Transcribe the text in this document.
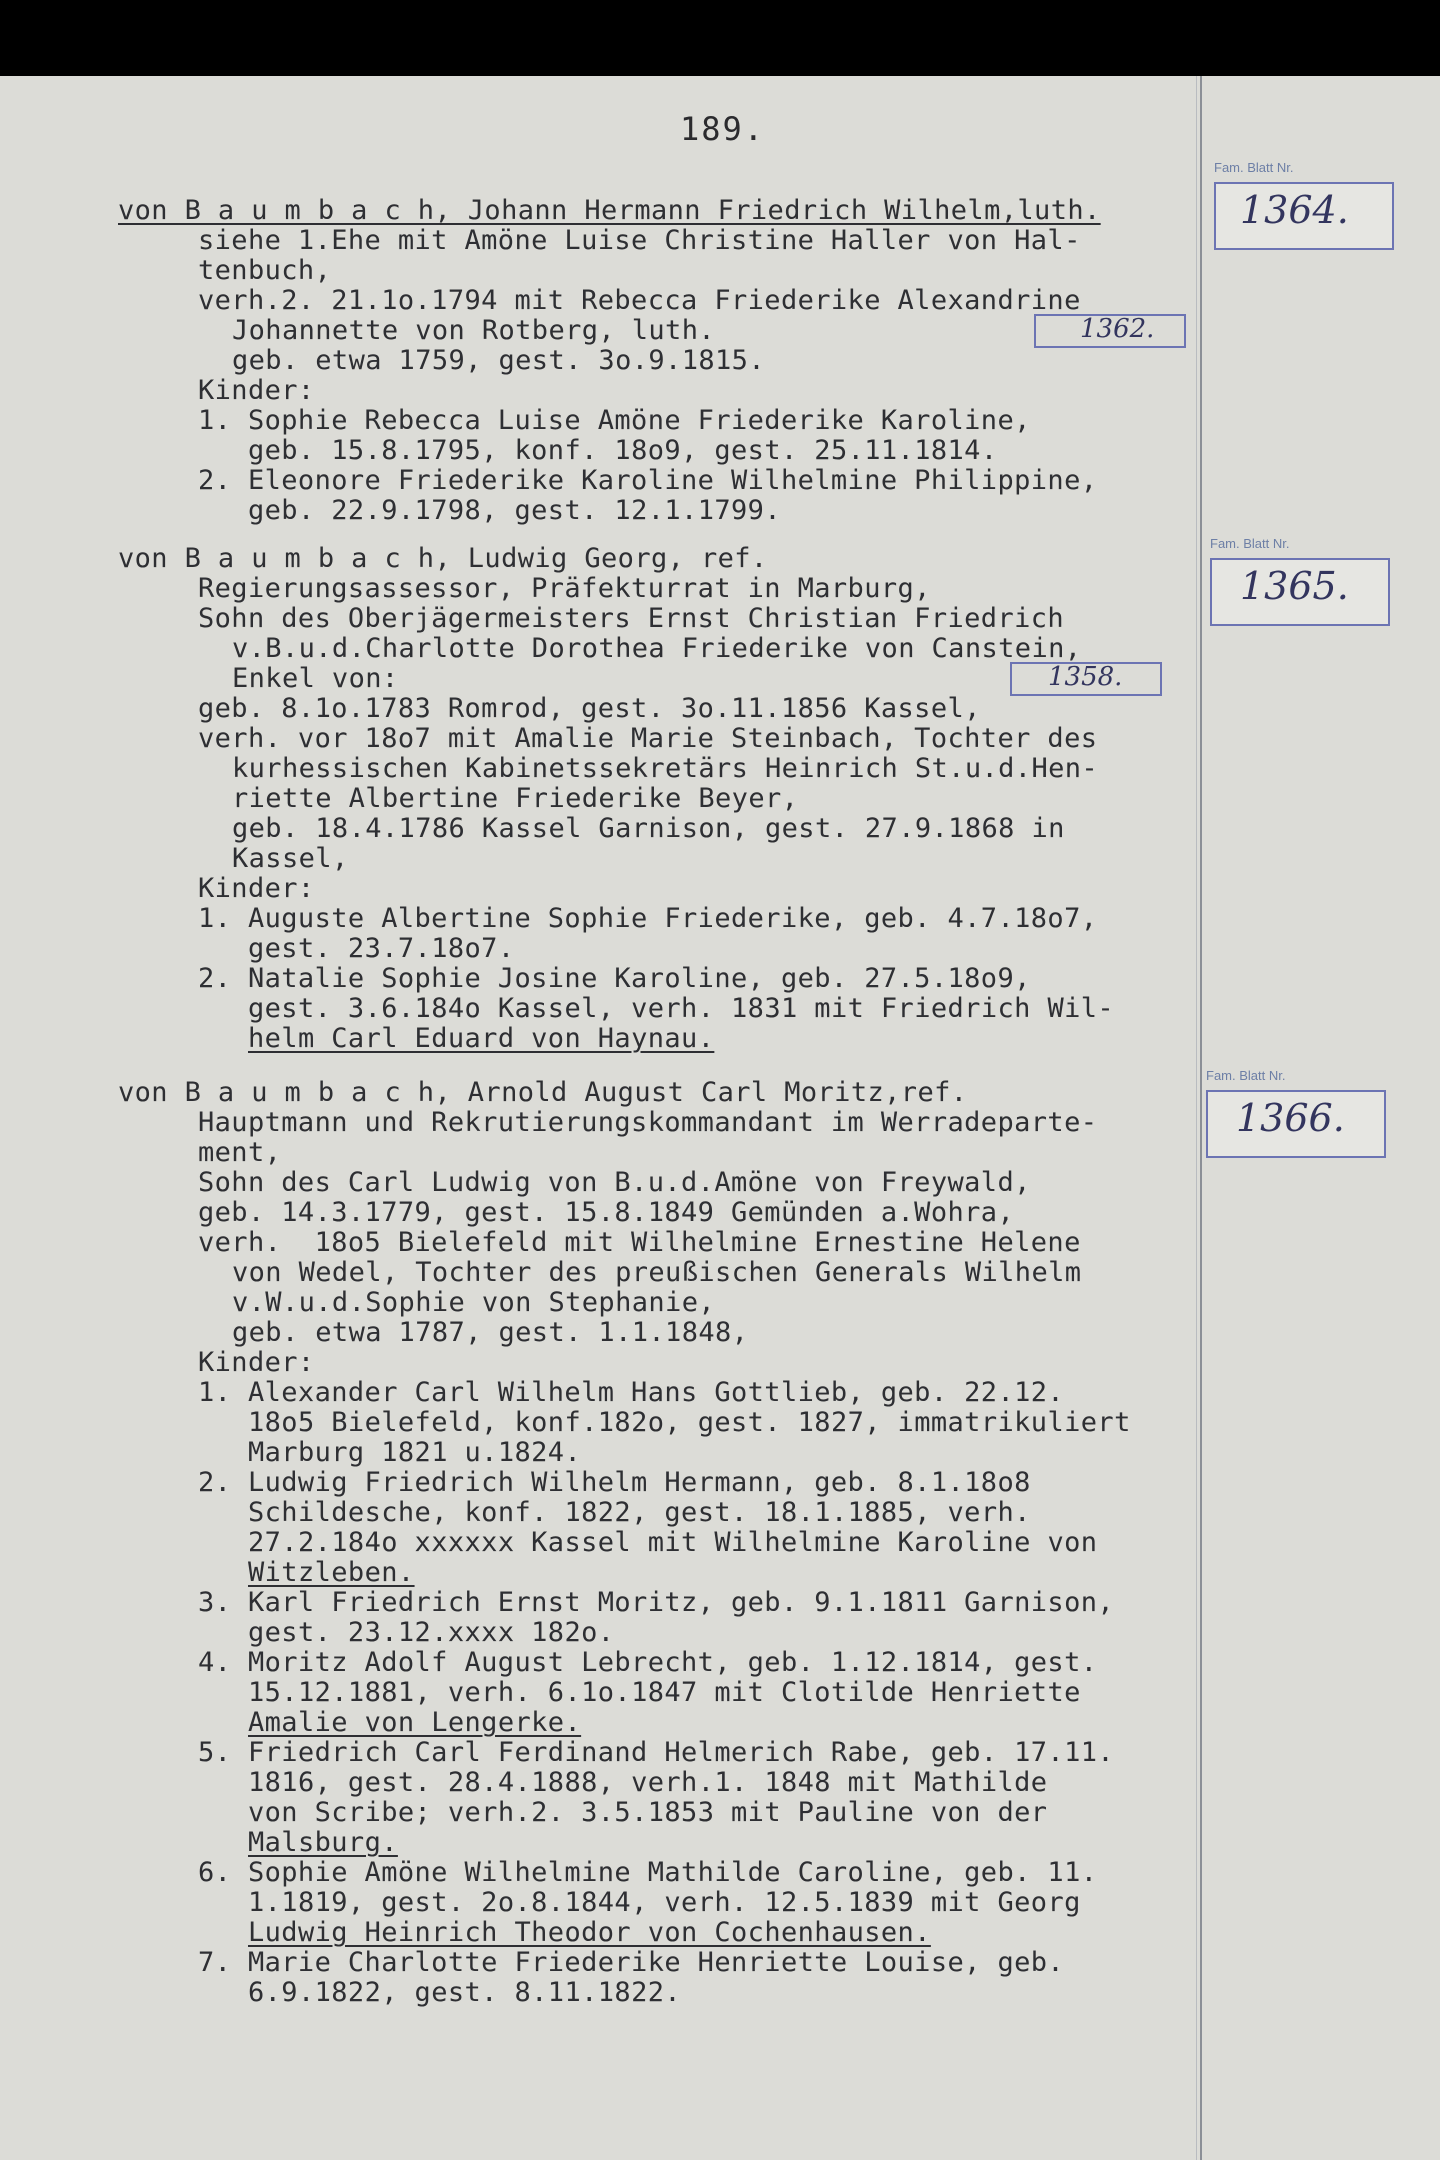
189.
von B a u m b a c h, Johann Hermann Friedrich Wilhelm,luth.
siehe 1.Ehe mit Amöne Luise Christine Haller von Hal-
tenbuch,
verh.2. 21.1o.1794 mit Rebecca Friederike Alexandrine
Johannette von Rotberg, luth.
geb. etwa 1759, gest. 3o.9.1815.
Kinder:
1. Sophie Rebecca Luise Amöne Friederike Karoline,
geb. 15.8.1795, konf. 18o9, gest. 25.11.1814.
2. Eleonore Friederike Karoline Wilhelmine Philippine,
geb. 22.9.1798, gest. 12.1.1799.
von B a u m b a c h, Ludwig Georg, ref.
Regierungsassessor, Präfekturrat in Marburg,
Sohn des Oberjägermeisters Ernst Christian Friedrich
v.B.u.d.Charlotte Dorothea Friederike von Canstein,
Enkel von:
geb. 8.1o.1783 Romrod, gest. 3o.11.1856 Kassel,
verh. vor 18o7 mit Amalie Marie Steinbach, Tochter des
kurhessischen Kabinetssekretärs Heinrich St.u.d.Hen-
riette Albertine Friederike Beyer,
geb. 18.4.1786 Kassel Garnison, gest. 27.9.1868 in
Kassel,
Kinder:
1. Auguste Albertine Sophie Friederike, geb. 4.7.18o7,
gest. 23.7.18o7.
2. Natalie Sophie Josine Karoline, geb. 27.5.18o9,
gest. 3.6.184o Kassel, verh. 1831 mit Friedrich Wil-
helm Carl Eduard von Haynau.
von B a u m b a c h, Arnold August Carl Moritz,ref.
Hauptmann und Rekrutierungskommandant im Werradeparte-
ment,
Sohn des Carl Ludwig von B.u.d.Amöne von Freywald,
geb. 14.3.1779, gest. 15.8.1849 Gemünden a.Wohra,
verh.  18o5 Bielefeld mit Wilhelmine Ernestine Helene
von Wedel, Tochter des preußischen Generals Wilhelm
v.W.u.d.Sophie von Stephanie,
geb. etwa 1787, gest. 1.1.1848,
Kinder:
1. Alexander Carl Wilhelm Hans Gottlieb, geb. 22.12.
18o5 Bielefeld, konf.182o, gest. 1827, immatrikuliert
Marburg 1821 u.1824.
2. Ludwig Friedrich Wilhelm Hermann, geb. 8.1.18o8
Schildesche, konf. 1822, gest. 18.1.1885, verh.
27.2.184o xxxxxx Kassel mit Wilhelmine Karoline von
Witzleben.
3. Karl Friedrich Ernst Moritz, geb. 9.1.1811 Garnison,
gest. 23.12.xxxx 182o.
4. Moritz Adolf August Lebrecht, geb. 1.12.1814, gest.
15.12.1881, verh. 6.1o.1847 mit Clotilde Henriette
Amalie von Lengerke.
5. Friedrich Carl Ferdinand Helmerich Rabe, geb. 17.11.
1816, gest. 28.4.1888, verh.1. 1848 mit Mathilde
von Scribe; verh.2. 3.5.1853 mit Pauline von der
Malsburg.
6. Sophie Amöne Wilhelmine Mathilde Caroline, geb. 11.
1.1819, gest. 2o.8.1844, verh. 12.5.1839 mit Georg
Ludwig Heinrich Theodor von Cochenhausen.
7. Marie Charlotte Friederike Henriette Louise, geb.
6.9.1822, gest. 8.11.1822.
Fam. Blatt Nr.
1364.
Fam. Blatt Nr.
1365.
Fam. Blatt Nr.
1366.
1362.
1358.
